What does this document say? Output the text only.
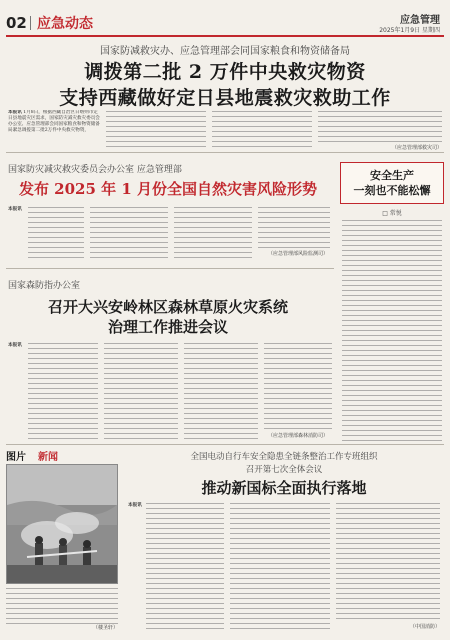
02 应急动态	应急管理
2025年1月9日 星期四
国家防减救灾办、应急管理部会同国家粮食和物资储备局
调拨第二批 2 万件中央救灾物资
支持西藏做好定日县地震救灾救助工作
本报讯 1月8日，根据西藏自治区日喀则市定日县地震灾区需求，国家防灾减灾救灾委员会办公室、应急管理部会同国家粮食和物资储备局紧急调拨第二批2万件中央救灾物资，
（应急管理部救灾司）
国家防灾减灾救灾委员会办公室 应急管理部
发布 2025 年 1 月份全国自然灾害风险形势
本报讯
（应急管理部风险监测司）
安全生产
一刻也不能松懈
□ 常悦
国家森防指办公室
召开大兴安岭林区森林草原火灾系统
治理工作推进会议
本报讯
（应急管理部森林消防司）
图片 新闻
（楼圣轩）
全国电动自行车安全隐患全链条整治工作专班组织
召开第七次全体会议
推动新国标全面执行落地
本报讯
（中国消防）
